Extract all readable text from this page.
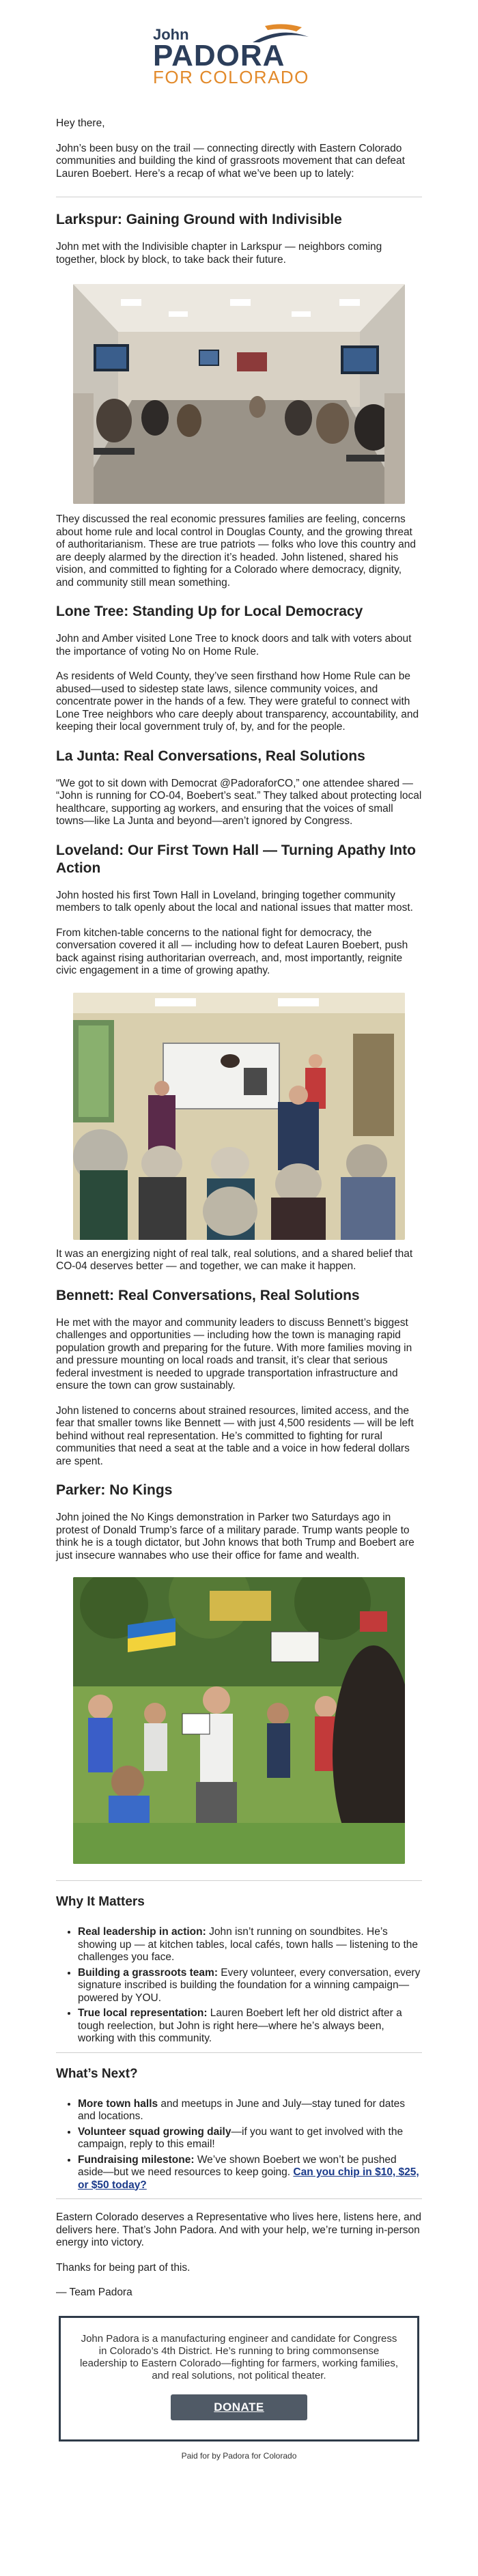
John
PADORA
FOR COLORADO

Hey there,

John’s been busy on the trail — connecting directly with Eastern Colorado communities and building the kind of grassroots movement that can defeat Lauren Boebert. Here’s a recap of what we’ve been up to lately:

Larkspur: Gaining Ground with Indivisible

John met with the Indivisible chapter in Larkspur — neighbors coming together, block by block, to take back their future.

They discussed the real economic pressures families are feeling, concerns about home rule and local control in Douglas County, and the growing threat of authoritarianism. These are true patriots — folks who love this country and are deeply alarmed by the direction it’s headed. John listened, shared his vision, and committed to fighting for a Colorado where democracy, dignity, and community still mean something.

Lone Tree: Standing Up for Local Democracy

John and Amber visited Lone Tree to knock doors and talk with voters about the importance of voting No on Home Rule.

As residents of Weld County, they’ve seen firsthand how Home Rule can be abused—used to sidestep state laws, silence community voices, and concentrate power in the hands of a few. They were grateful to connect with Lone Tree neighbors who care deeply about transparency, accountability, and keeping their local government truly of, by, and for the people.

La Junta: Real Conversations, Real Solutions

“We got to sit down with Democrat @PadoraforCO,” one attendee shared — “John is running for CO-04, Boebert’s seat.” They talked about protecting local healthcare, supporting ag workers, and ensuring that the voices of small towns—like La Junta and beyond—aren’t ignored by Congress.

Loveland: Our First Town Hall — Turning Apathy Into Action

John hosted his first Town Hall in Loveland, bringing together community members to talk openly about the local and national issues that matter most.

From kitchen-table concerns to the national fight for democracy, the conversation covered it all — including how to defeat Lauren Boebert, push back against rising authoritarian overreach, and, most importantly, reignite civic engagement in a time of growing apathy.

It was an energizing night of real talk, real solutions, and a shared belief that CO-04 deserves better — and together, we can make it happen.

Bennett: Real Conversations, Real Solutions

He met with the mayor and community leaders to discuss Bennett’s biggest challenges and opportunities — including how the town is managing rapid population growth and preparing for the future. With more families moving in and pressure mounting on local roads and transit, it’s clear that serious federal investment is needed to upgrade transportation infrastructure and ensure the town can grow sustainably.

John listened to concerns about strained resources, limited access, and the fear that smaller towns like Bennett — with just 4,500 residents — will be left behind without real representation. He’s committed to fighting for rural communities that need a seat at the table and a voice in how federal dollars are spent.

Parker: No Kings

John joined the No Kings demonstration in Parker two Saturdays ago in protest of Donald Trump’s farce of a military parade. Trump wants people to think he is a tough dictator, but John knows that both Trump and Boebert are just insecure wannabes who use their office for fame and wealth.

Why It Matters
• Real leadership in action: John isn’t running on soundbites. He’s showing up — at kitchen tables, local cafés, town halls — listening to the challenges you face.
• Building a grassroots team: Every volunteer, every conversation, every signature inscribed is building the foundation for a winning campaign—powered by YOU.
• True local representation: Lauren Boebert left her old district after a tough reelection, but John is right here—where he’s always been, working with this community.
What’s Next?
• More town halls and meetups in June and July—stay tuned for dates and locations.
• Volunteer squad growing daily—if you want to get involved with the campaign, reply to this email!
• Fundraising milestone: We’ve shown Boebert we won’t be pushed aside—but we need resources to keep going. Can you chip in $10, $25, or $50 today?

Eastern Colorado deserves a Representative who lives here, listens here, and delivers here. That’s John Padora. And with your help, we’re turning in-person energy into victory.

Thanks for being part of this.

— Team Padora

John Padora is a manufacturing engineer and candidate for Congress in Colorado’s 4th District. He’s running to bring commonsense leadership to Eastern Colorado—fighting for farmers, working families, and real solutions, not political theater.

DONATE
Paid for by Padora for Colorado
